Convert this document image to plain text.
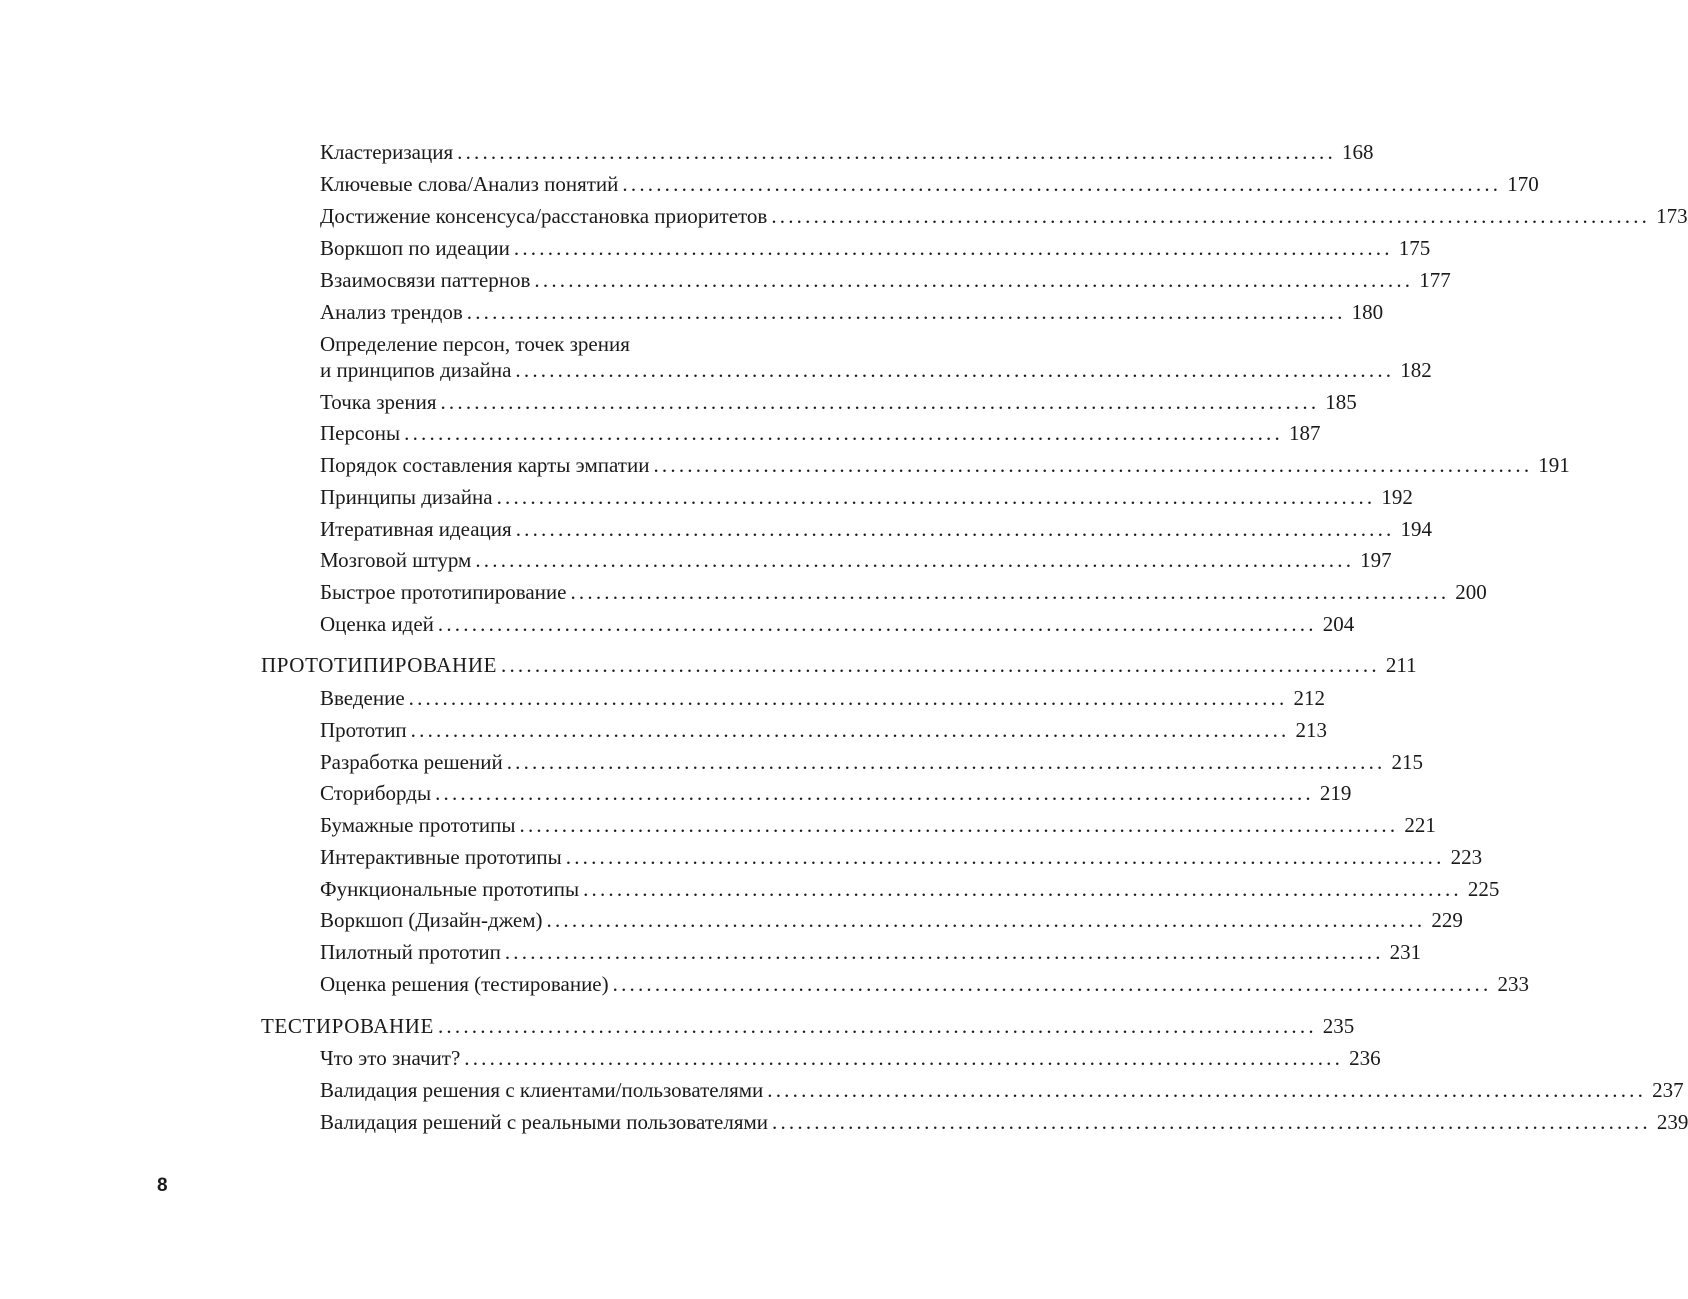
Кластеризация ........................................................................................................ 168
Ключевые слова/Анализ понятий ........................................................................................................ 170
Достижение консенсуса/расстановка приоритетов ........................................................................................................ 173
Воркшоп по идеации ........................................................................................................ 175
Взаимосвязи паттернов ........................................................................................................ 177
Анализ трендов ........................................................................................................ 180
Определение персон, точек зрения
и принципов дизайна ........................................................................................................ 182
Точка зрения ........................................................................................................ 185
Персоны ........................................................................................................ 187
Порядок составления карты эмпатии ........................................................................................................ 191
Принципы дизайна ........................................................................................................ 192
Итеративная идеация ........................................................................................................ 194
Мозговой штурм ........................................................................................................ 197
Быстрое прототипирование ........................................................................................................ 200
Оценка идей ........................................................................................................ 204
ПРОТОТИПИРОВАНИЕ ........................................................................................................ 211
Введение ........................................................................................................ 212
Прототип ........................................................................................................ 213
Разработка решений ........................................................................................................ 215
Сториборды ........................................................................................................ 219
Бумажные прототипы ........................................................................................................ 221
Интерактивные прототипы ........................................................................................................ 223
Функциональные прототипы ........................................................................................................ 225
Воркшоп (Дизайн-джем) ........................................................................................................ 229
Пилотный прототип ........................................................................................................ 231
Оценка решения (тестирование) ........................................................................................................ 233
ТЕСТИРОВАНИЕ ........................................................................................................ 235
Что это значит? ........................................................................................................ 236
Валидация решения с клиентами/пользователями ........................................................................................................ 237
Валидация решений с реальными пользователями ........................................................................................................ 239
8
